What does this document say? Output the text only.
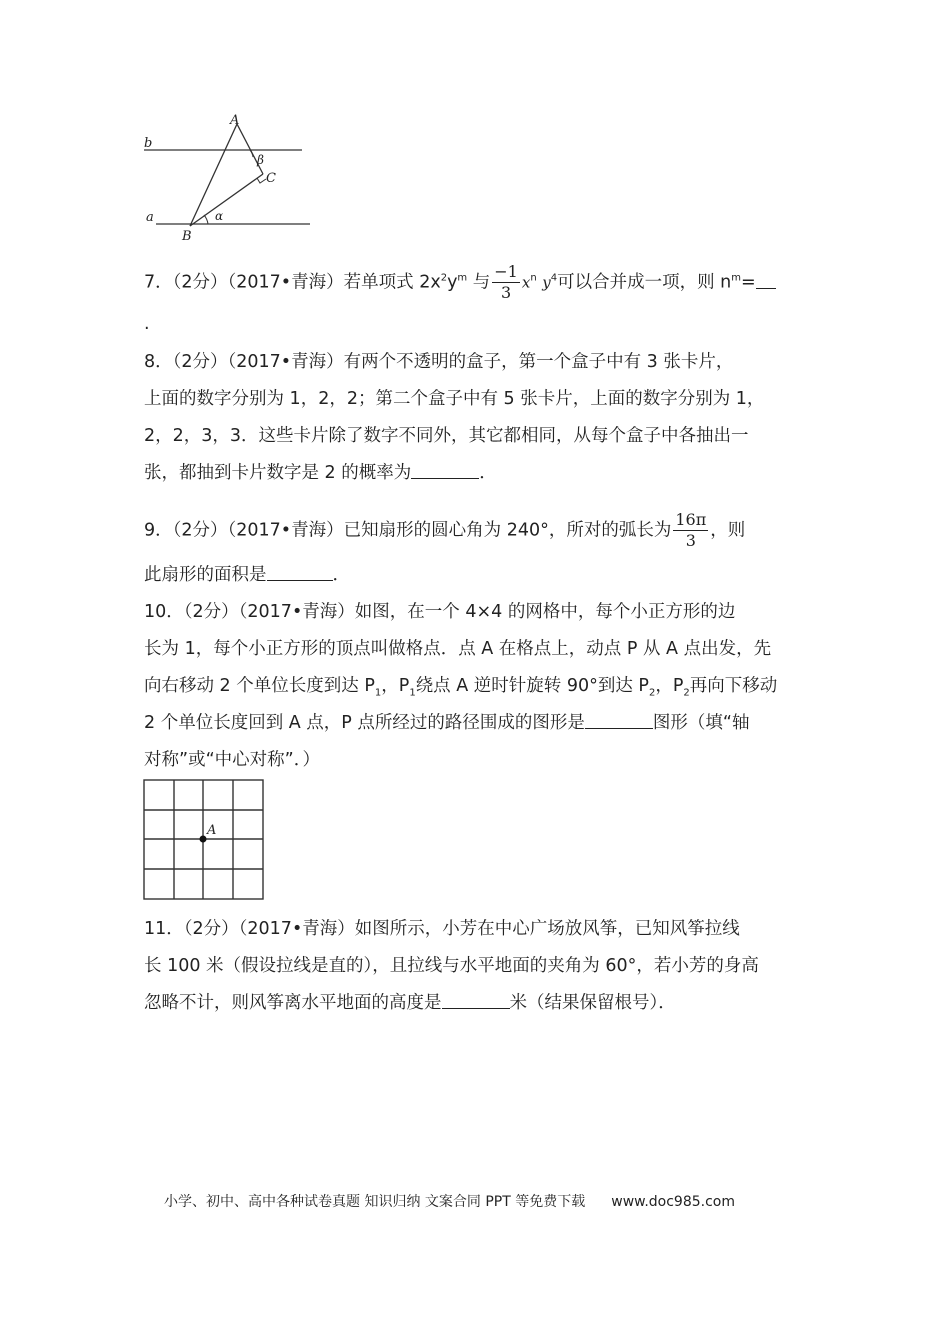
A
B
C
a
b
α
β
7．（2分）（2017•青海）若单项式 $2x^2y^m$ 与 $\frac{-1}{3} x^n$ $y^4$可以合并成一项，则 $n^m=$
.
8．（2分）（2017•青海）有两个不透明的盒子，第一个盒子中有 3 张卡片，
上面的数字分别为 1，2，2；第二个盒子中有 5 张卡片，上面的数字分别为 1，
2，2，3，3．这些卡片除了数字不同外，其它都相同，从每个盒子中各抽出一
张，都抽到卡片数字是 2 的概率为	．
9．（2分）（2017•青海）已知扇形的圆心角为 240°，所对的弧长为 $\frac{16\pi}{3}$ ，则
此扇形的面积是	．
10．（2分）（2017•青海）如图，在一个 4×4 的网格中，每个小正方形的边
长为 1，每个小正方形的顶点叫做格点．点 A 在格点上，动点 P 从 A 点出发，先
向右移动 2 个单位长度到达 $P_1$，$P_1$绕点 A 逆时针旋转 90°到达 $P_2$，$P_2$再向下移动
2 个单位长度回到 A 点，P 点所经过的路径围成的图形是	图形（填“轴
对称”或“中心对称”．）
A
11．（2分）（2017•青海）如图所示，小芳在中心广场放风筝，已知风筝拉线
长 100 米（假设拉线是直的），且拉线与水平地面的夹角为 60°，若小芳的身高
忽略不计，则风筝离水平地面的高度是	米（结果保留根号）．
小学、初中、高中各种试卷真题 知识归纳 文案合同 PPT 等免费下载 www.doc985.com
